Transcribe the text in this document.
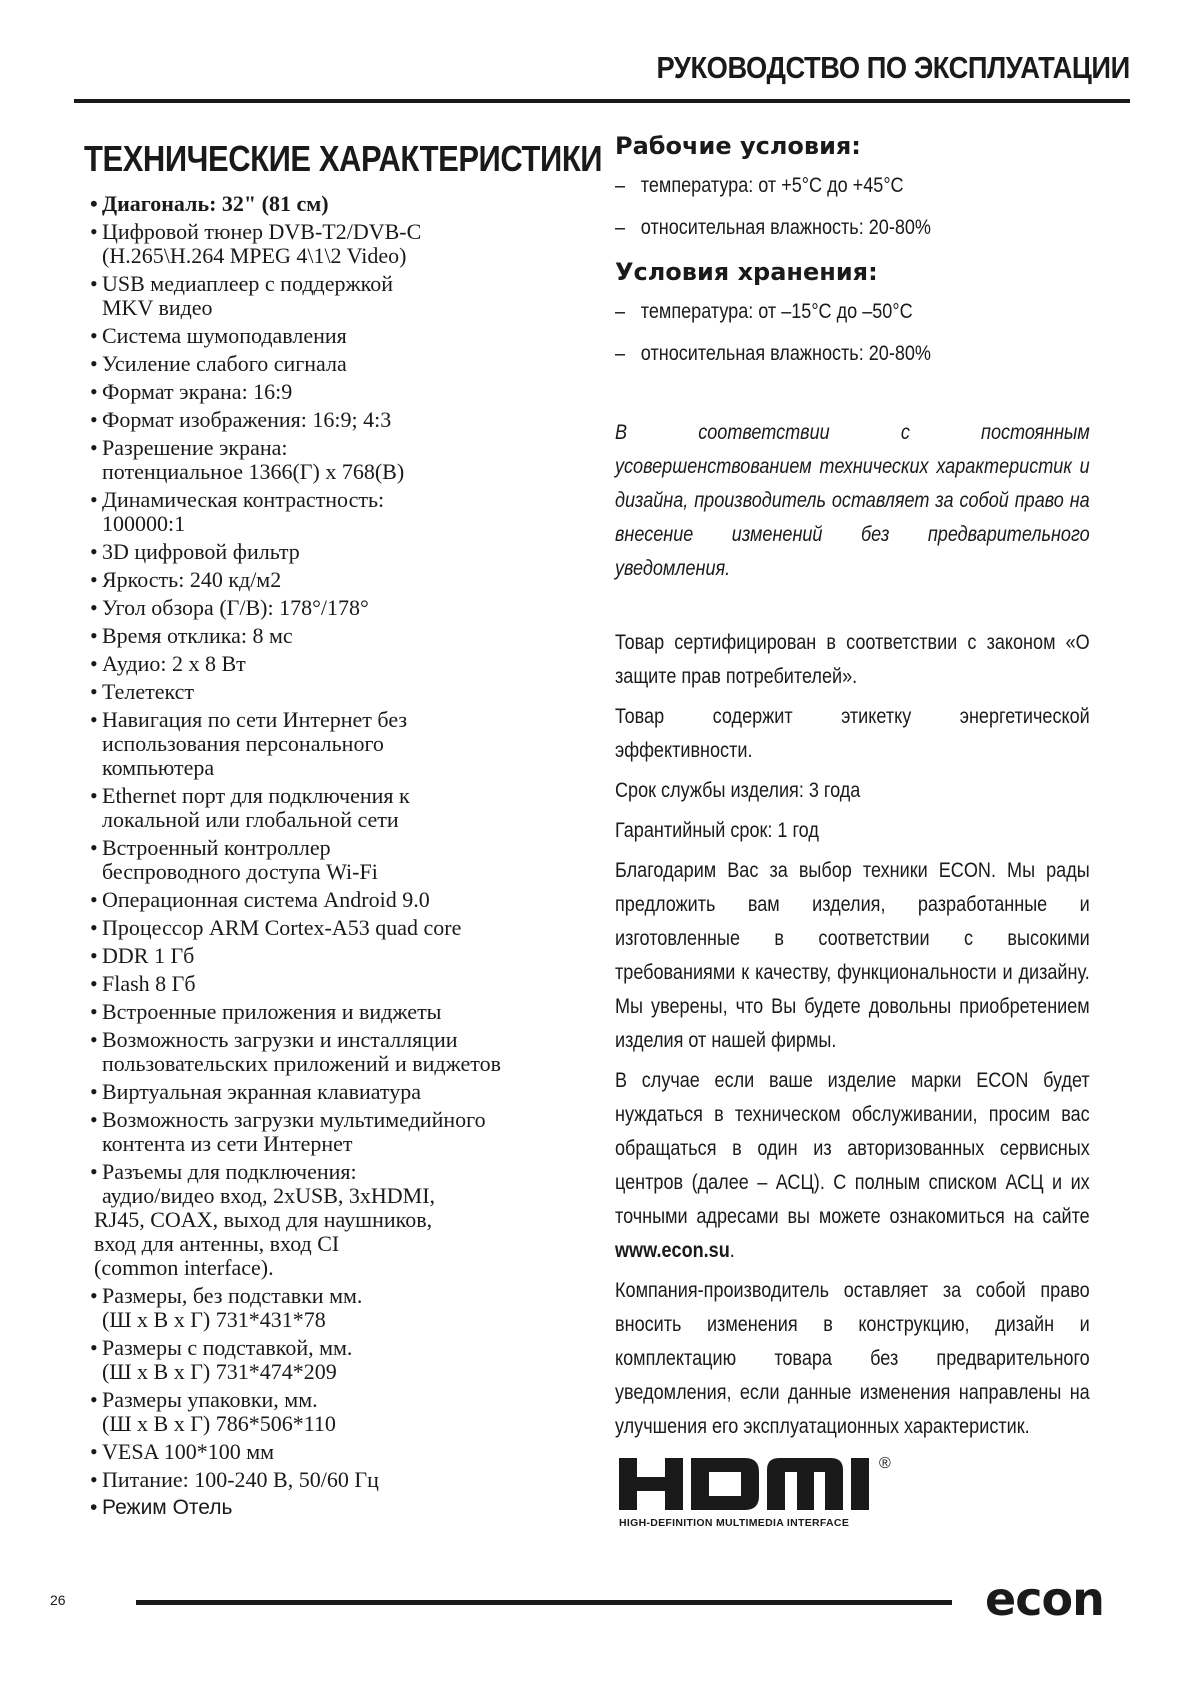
РУКОВОДСТВО ПО ЭКСПЛУАТАЦИИ
ТЕХНИЧЕСКИЕ ХАРАКТЕРИСТИКИ
• Диагональ: 32" (81 см)
• Цифровой тюнер DVB-T2/DVB-C
(H.265\H.264 MPEG 4\1\2 Video)
• USB медиаплеер с поддержкой
MKV видео
• Система шумоподавления
• Усиление слабого сигнала
• Формат экрана: 16:9
• Формат изображения: 16:9; 4:3
• Разрешение экрана:
потенциальное 1366(Г) x 768(В)
• Динамическая контрастность:
100000:1
• 3D цифровой фильтр
• Яркость: 240 кд/м2
• Угол обзора (Г/В): 178°/178°
• Время отклика: 8 мс
• Аудио: 2 х 8 Вт
• Телетекст
• Навигация по сети Интернет без
использования персонального
компьютера
• Ethernet порт для подключения к
локальной или глобальной сети
• Встроенный контроллер
беспроводного доступа Wi-Fi
• Операционная система Android 9.0
• Процессор ARM Cortex-A53 quad core
• DDR 1 Гб
• Flash 8 Гб
• Встроенные приложения и виджеты
• Возможность загрузки и инсталляции
пользовательских приложений и виджетов
• Виртуальная экранная клавиатура
• Возможность загрузки мультимедийного
контента из сети Интернет
• Разъемы для подключения:
аудио/видео вход, 2xUSB, 3xHDMI,
RJ45, COAX, выход для наушников,
вход для антенны, вход CI
(common interface).
• Размеры, без подставки мм.
(Ш х В х Г) 731*431*78
• Размеры с подставкой, мм.
(Ш х В х Г) 731*474*209
• Размеры упаковки, мм.
(Ш х В х Г) 786*506*110
• VESA 100*100 мм
• Питание: 100-240 В, 50/60 Гц
• Режим Отель
Рабочие условия:
– температура: от +5°С до +45°С
– относительная влажность: 20-80%
Условия хранения:
– температура: от –15°С до –50°С
– относительная влажность: 20-80%
В соответствии с постоянным усовершенствованием технических характеристик и дизайна, производитель оставляет за собой право на внесение изменений без предварительного уведомления.

Товар сертифицирован в соответствии с законом «О защите прав потребителей».

Товар содержит этикетку энергетической эффективности.

Срок службы изделия: 3 года

Гарантийный срок: 1 год

Благодарим Вас за выбор техники ECON. Мы рады предложить вам изделия, разработанные и изготовленные в соответствии с высокими требованиями к качеству, функциональности и дизайну. Мы уверены, что Вы будете довольны приобретением изделия от нашей фирмы.

В случае если ваше изделие марки ECON будет нуждаться в техническом обслуживании, просим вас обращаться в один из авторизованных сервисных центров (далее – АСЦ). С полным списком АСЦ и их точными адресами вы можете ознакомиться на сайте www.econ.su.

Компания-производитель оставляет за собой право вносить изменения в конструкцию, дизайн и комплектацию товара без предварительного уведомления, если данные изменения направлены на улучшения его эксплуатационных характеристик.

®
HIGH-DEFINITION MULTIMEDIA INTERFACE
26	econ
